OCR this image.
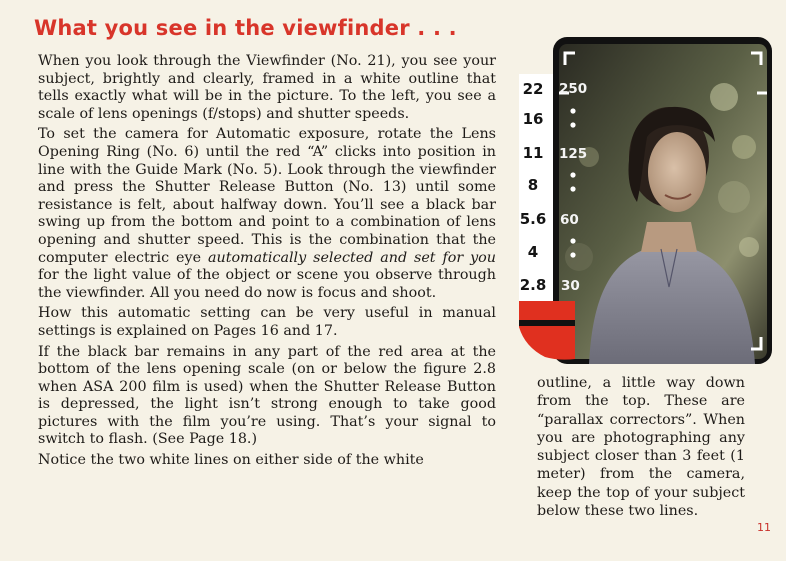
What you see in the viewfinder . . .

When you look through the Viewfinder (No. 21), you see your subject, brightly and clearly, framed in a white outline that tells exactly what will be in the picture. To the left, you see a scale of lens openings (f/stops) and shutter speeds.

To set the camera for Automatic exposure, rotate the Lens Opening Ring (No. 6) until the red “A” clicks into position in line with the Guide Mark (No. 5). Look through the viewfinder and press the Shutter Release Button (No. 13) until some resistance is felt, about halfway down. You’ll see a black bar swing up from the bottom and point to a combination of lens opening and shutter speed. This is the combination that the computer electric eye automatically selected and set for you for the light value of the object or scene you observe through the viewfinder. All you need do now is focus and shoot.

How this automatic setting can be very useful in manual settings is explained on Pages 16 and 17.

If the black bar remains in any part of the red area at the bottom of the lens opening scale (on or below the figure 2.8 when ASA 200 film is used) when the Shutter Release Button is depressed, the light isn’t strong enough to take good pictures with the film you’re using. That’s your signal to switch to flash. (See Page 18.)

Notice the two white lines on either side of the white

22
16
11
8
5.6
4
2.8
250
125
60
30
outline, a little way down from the top. These are “parallax correctors”. When you are photographing any subject closer than 3 feet (1 meter) from the camera, keep the top of your subject below these two lines.
11
